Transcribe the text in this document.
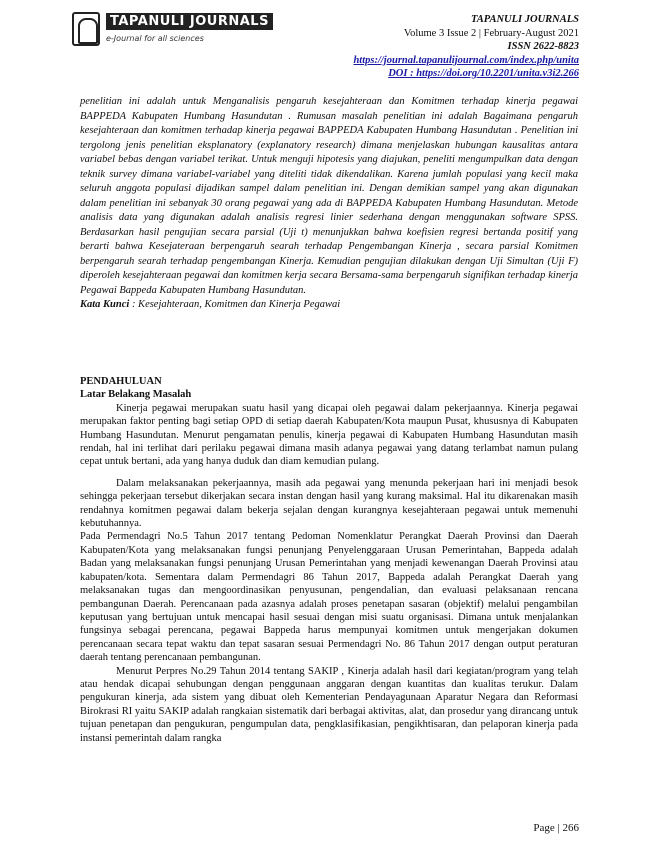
TAPANULI JOURNALS
e-Journal for all sciences
TAPANULI JOURNALS
Volume 3 Issue 2 | February-August 2021
ISSN 2622-8823
https://journal.tapanulijournal.com/index.php/unita
DOI : https://doi.org/10.2201/unita.v3i2.266

penelitian ini adalah untuk Menganalisis pengaruh kesejahteraan dan Komitmen terhadap kinerja pegawai BAPPEDA Kabupaten Humbang Hasundutan . Rumusan masalah penelitian ini adalah Bagaimana pengaruh kesejahteraan dan komitmen terhadap kinerja pegawai BAPPEDA Kabupaten Humbang Hasundutan . Penelitian ini tergolong jenis penelitian eksplanatory (explanatory research) dimana menjelaskan hubungan kausalitas antara variabel bebas dengan variabel terikat. Untuk menguji hipotesis yang diajukan, peneliti mengumpulkan data dengan teknik survey dimana variabel-variabel yang diteliti tidak dikendalikan. Karena jumlah populasi yang kecil maka seluruh anggota populasi dijadikan sampel dalam penelitian ini. Dengan demikian sampel yang akan digunakan dalam penelitian ini sebanyak 30 orang pegawai yang ada di BAPPEDA Kabupaten Humbang Hasundutan. Metode analisis data yang digunakan adalah analisis regresi linier sederhana dengan menggunakan software SPSS. Berdasarkan hasil pengujian secara parsial (Uji t) menunjukkan bahwa koefisien regresi bertanda positif yang berarti bahwa Kesejateraan berpengaruh searah terhadap Pengembangan Kinerja , secara parsial Komitmen berpengaruh searah terhadap pengembangan Kinerja. Kemudian pengujian dilakukan dengan Uji Simultan (Uji F) diperoleh kesejahteraan pegawai dan komitmen kerja secara Bersama-sama berpengaruh signifikan terhadap kinerja Pegawai Bappeda Kabupaten Humbang Hasundutan.

Kata Kunci : Kesejahteraan, Komitmen dan Kinerja Pegawai

PENDAHULUAN

Latar Belakang Masalah

Kinerja pegawai merupakan suatu hasil yang dicapai oleh pegawai dalam pekerjaannya. Kinerja pegawai merupakan faktor penting bagi setiap OPD di setiap daerah Kabupaten/Kota maupun Pusat, khususnya di Kabupaten Humbang Hasundutan. Menurut pengamatan penulis, kinerja pegawai di Kabupaten Humbang Hasundutan masih rendah, hal ini terlihat dari perilaku pegawai dimana masih adanya pegawai yang datang terlambat namun pulang cepat untuk bertani, ada yang hanya duduk dan diam kemudian pulang.

Dalam melaksanakan pekerjaannya, masih ada pegawai yang menunda pekerjaan hari ini menjadi besok sehingga pekerjaan tersebut dikerjakan secara instan dengan hasil yang kurang maksimal. Hal itu dikarenakan masih rendahnya komitmen pegawai dalam bekerja sejalan dengan kurangnya kesejahteraan pegawai untuk memenuhi kebutuhannya.

Pada Permendagri No.5 Tahun 2017 tentang Pedoman Nomenklatur Perangkat Daerah Provinsi dan Daerah Kabupaten/Kota yang melaksanakan fungsi penunjang Penyelenggaraan Urusan Pemerintahan, Bappeda adalah Badan yang melaksanakan fungsi penunjang Urusan Pemerintahan yang menjadi kewenangan Daerah Provinsi atau kabupaten/kota. Sementara dalam Permendagri 86 Tahun 2017, Bappeda adalah Perangkat Daerah yang melaksanakan tugas dan mengoordinasikan penyusunan, pengendalian, dan evaluasi pelaksanaan rencana pembangunan Daerah. Perencanaan pada azasnya adalah proses penetapan sasaran (objektif) melalui pengambilan keputusan yang bertujuan untuk mencapai hasil sesuai dengan misi suatu organisasi. Dimana untuk menjalankan fungsinya sebagai perencana, pegawai Bappeda harus mempunyai komitmen untuk mengerjakan dokumen perencanaan secara tepat waktu dan tepat sasaran sesuai Permendagri No. 86 Tahun 2017 dengan output peraturan daerah tentang perencanaan pembangunan.

Menurut Perpres No.29 Tahun 2014 tentang SAKIP , Kinerja adalah hasil dari kegiatan/program yang telah atau hendak dicapai sehubungan dengan penggunaan anggaran dengan kuantitas dan kualitas terukur. Dalam pengukuran kinerja, ada sistem yang dibuat oleh Kementerian Pendayagunaan Aparatur Negara dan Reformasi Birokrasi RI yaitu SAKIP adalah rangkaian sistematik dari berbagai aktivitas, alat, dan prosedur yang dirancang untuk tujuan penetapan dan pengukuran, pengumpulan data, pengklasifikasian, pengikhtisaran, dan pelaporan kinerja pada instansi pemerintah dalam rangka

Page | 266
